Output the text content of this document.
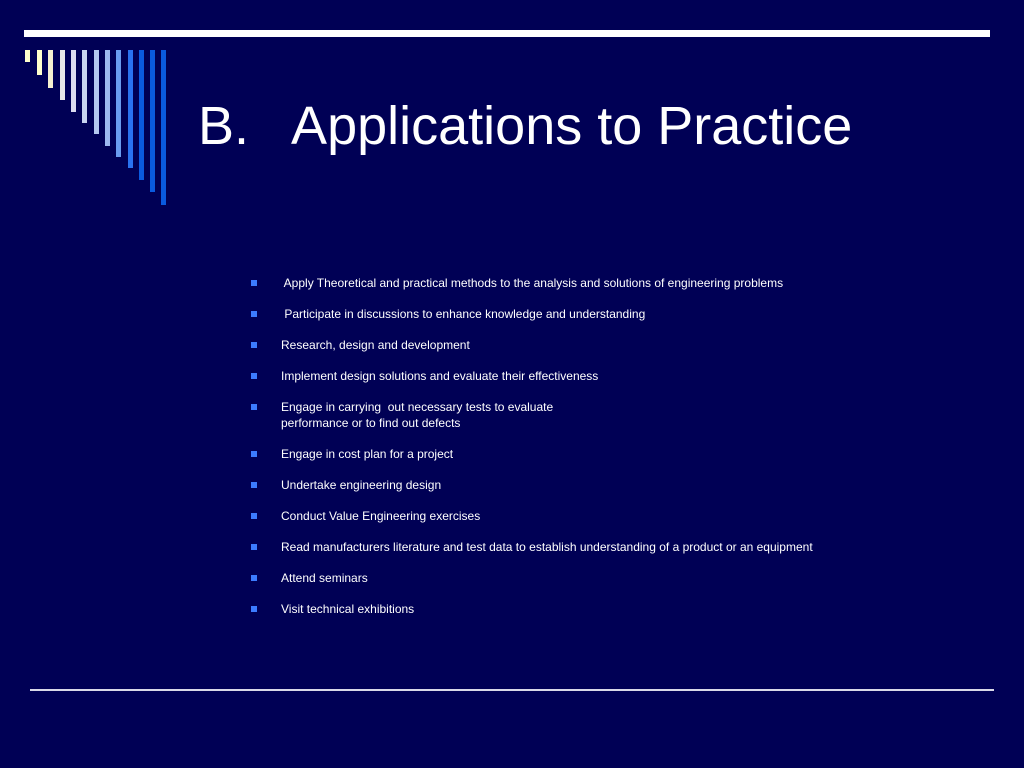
B.   Applications to Practice
Apply Theoretical and practical methods to the analysis and solutions of engineering problems
Participate in discussions to enhance knowledge and understanding
Research, design and development
Implement design solutions and evaluate their effectiveness
Engage in carrying  out necessary tests to evaluate
performance or to find out defects
Engage in cost plan for a project
Undertake engineering design
Conduct Value Engineering exercises
Read manufacturers literature and test data to establish understanding of a product or an equipment
Attend seminars
Visit technical exhibitions
